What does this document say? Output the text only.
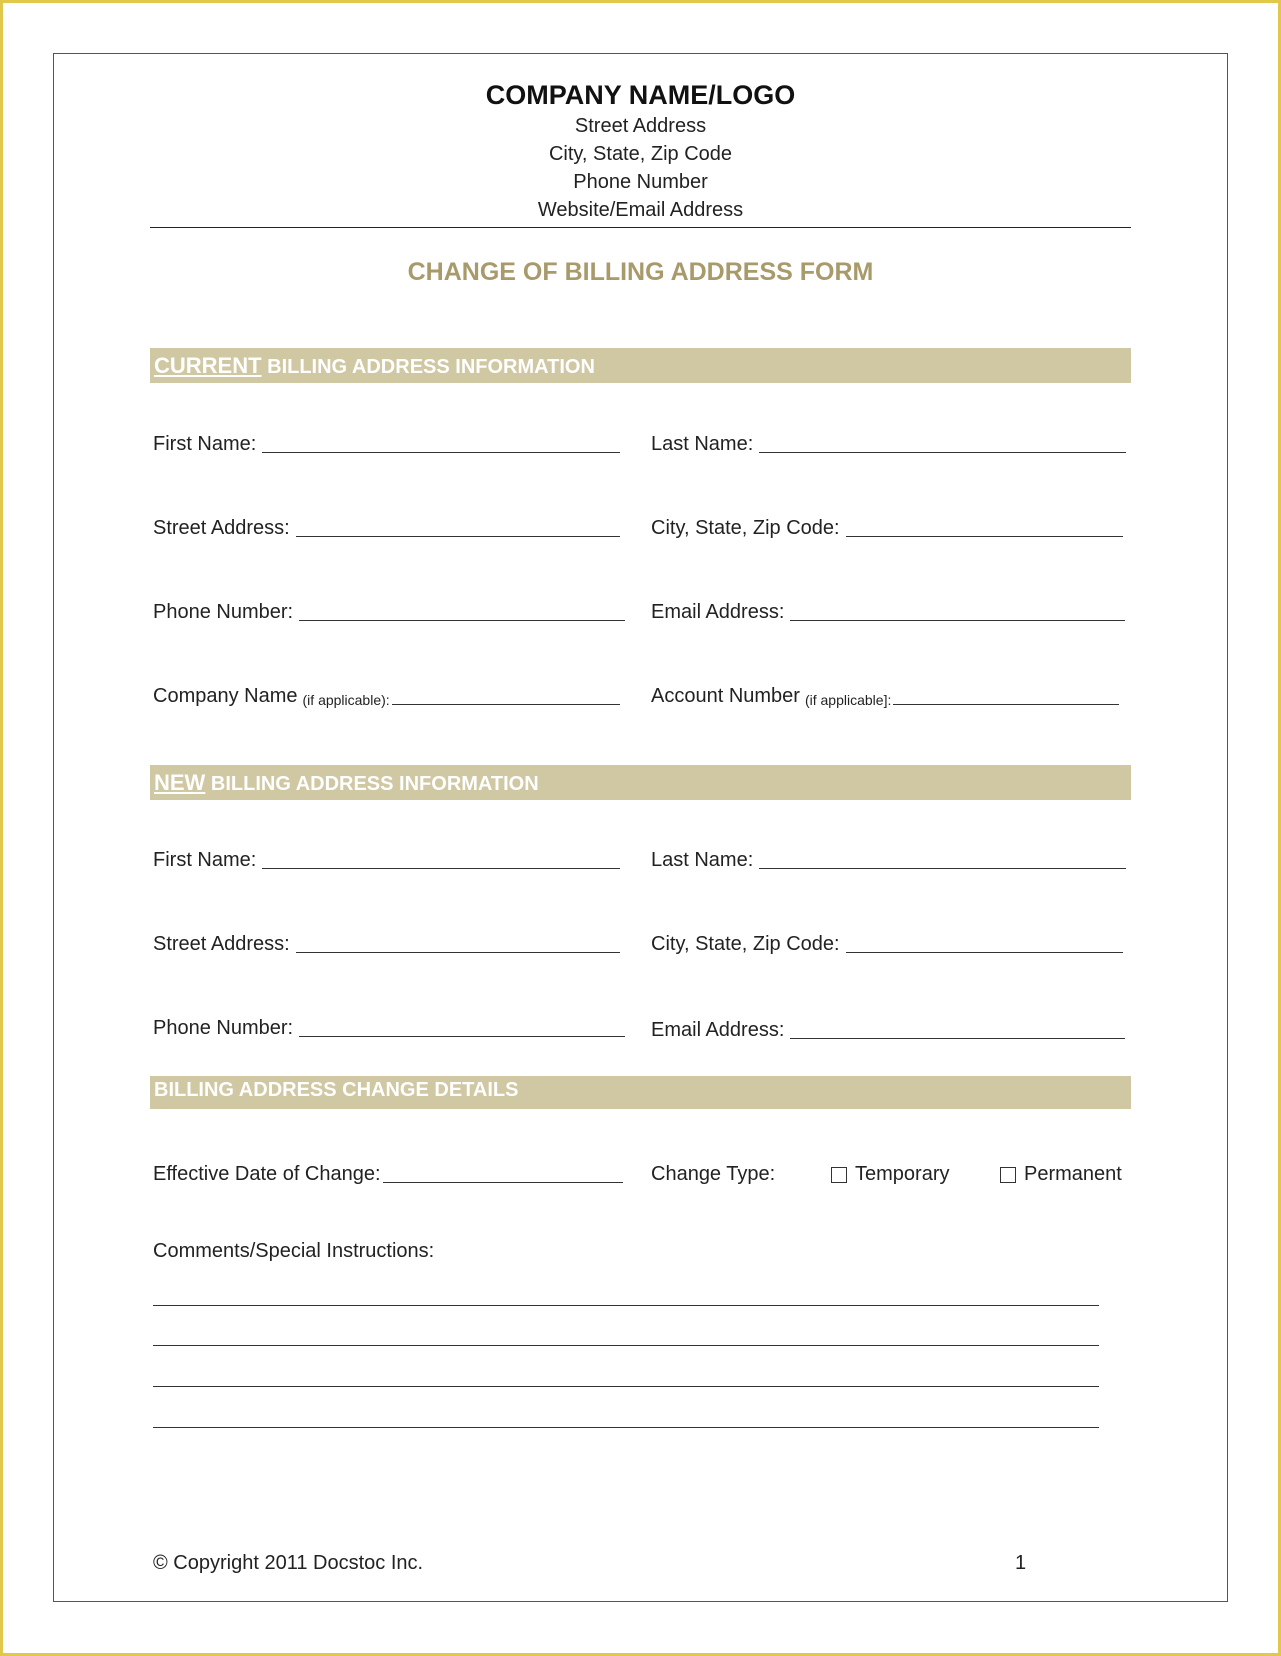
COMPANY NAME/LOGO
Street Address
City, State, Zip Code
Phone Number
Website/Email Address
CHANGE OF BILLING ADDRESS FORM
CURRENT BILLING ADDRESS INFORMATION
First Name:	Last Name:
Street Address:	City, State, Zip Code:
Phone Number:	Email Address:
Company Name (if applicable):	Account Number (if applicable]:
NEW BILLING ADDRESS INFORMATION
First Name:	Last Name:
Street Address:	City, State, Zip Code:
Phone Number:	Email Address:
BILLING ADDRESS CHANGE DETAILS
Effective Date of Change:	Change Type:	Temporary	Permanent
Comments/Special Instructions:
© Copyright 2011 Docstoc Inc.	1
